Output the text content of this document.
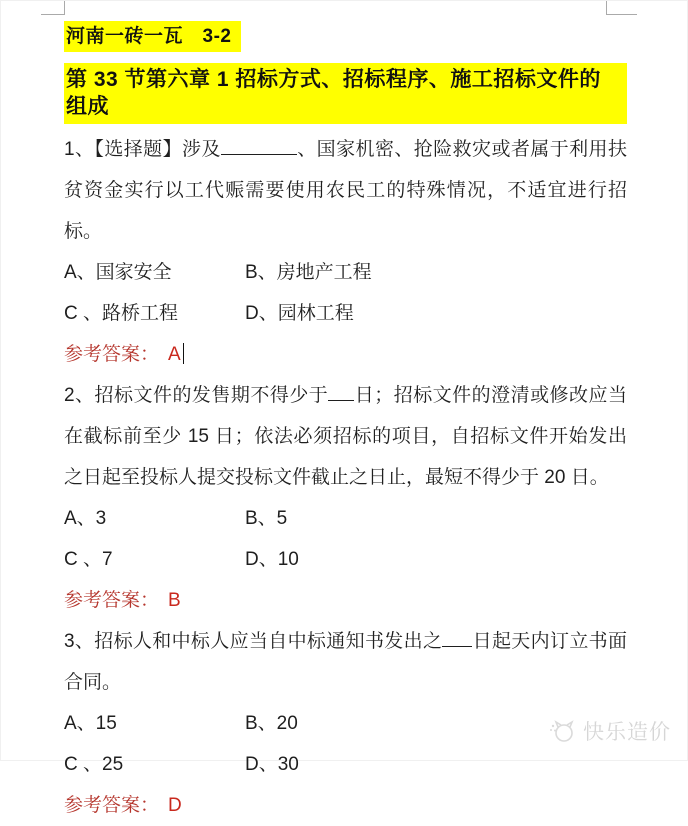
河南一砖一瓦　3-2
第 33 节第六章 1 招标方式、招标程序、施工招标文件的组成

1、【选择题】涉及	、国家机密、抢险救灾或者属于利用扶贫资金实行以工代赈需要使用农民工的特殊情况，不适宜进行招标。

A、国家安全	B、房地产工程

C 、路桥工程	D、园林工程

参考答案： A

2、招标文件的发售期不得少于 日；招标文件的澄清或修改应当在截标前至少 15 日；依法必须招标的项目，自招标文件开始发出之日起至投标人提交投标文件截止之日止，最短不得少于 20 日。

A、3	B、5

C 、7	D、10

参考答案： B

3、招标人和中标人应当自中标通知书发出之 日起天内订立书面合同。

A、15	B、20

C 、25	D、30

参考答案： D

快乐造价
